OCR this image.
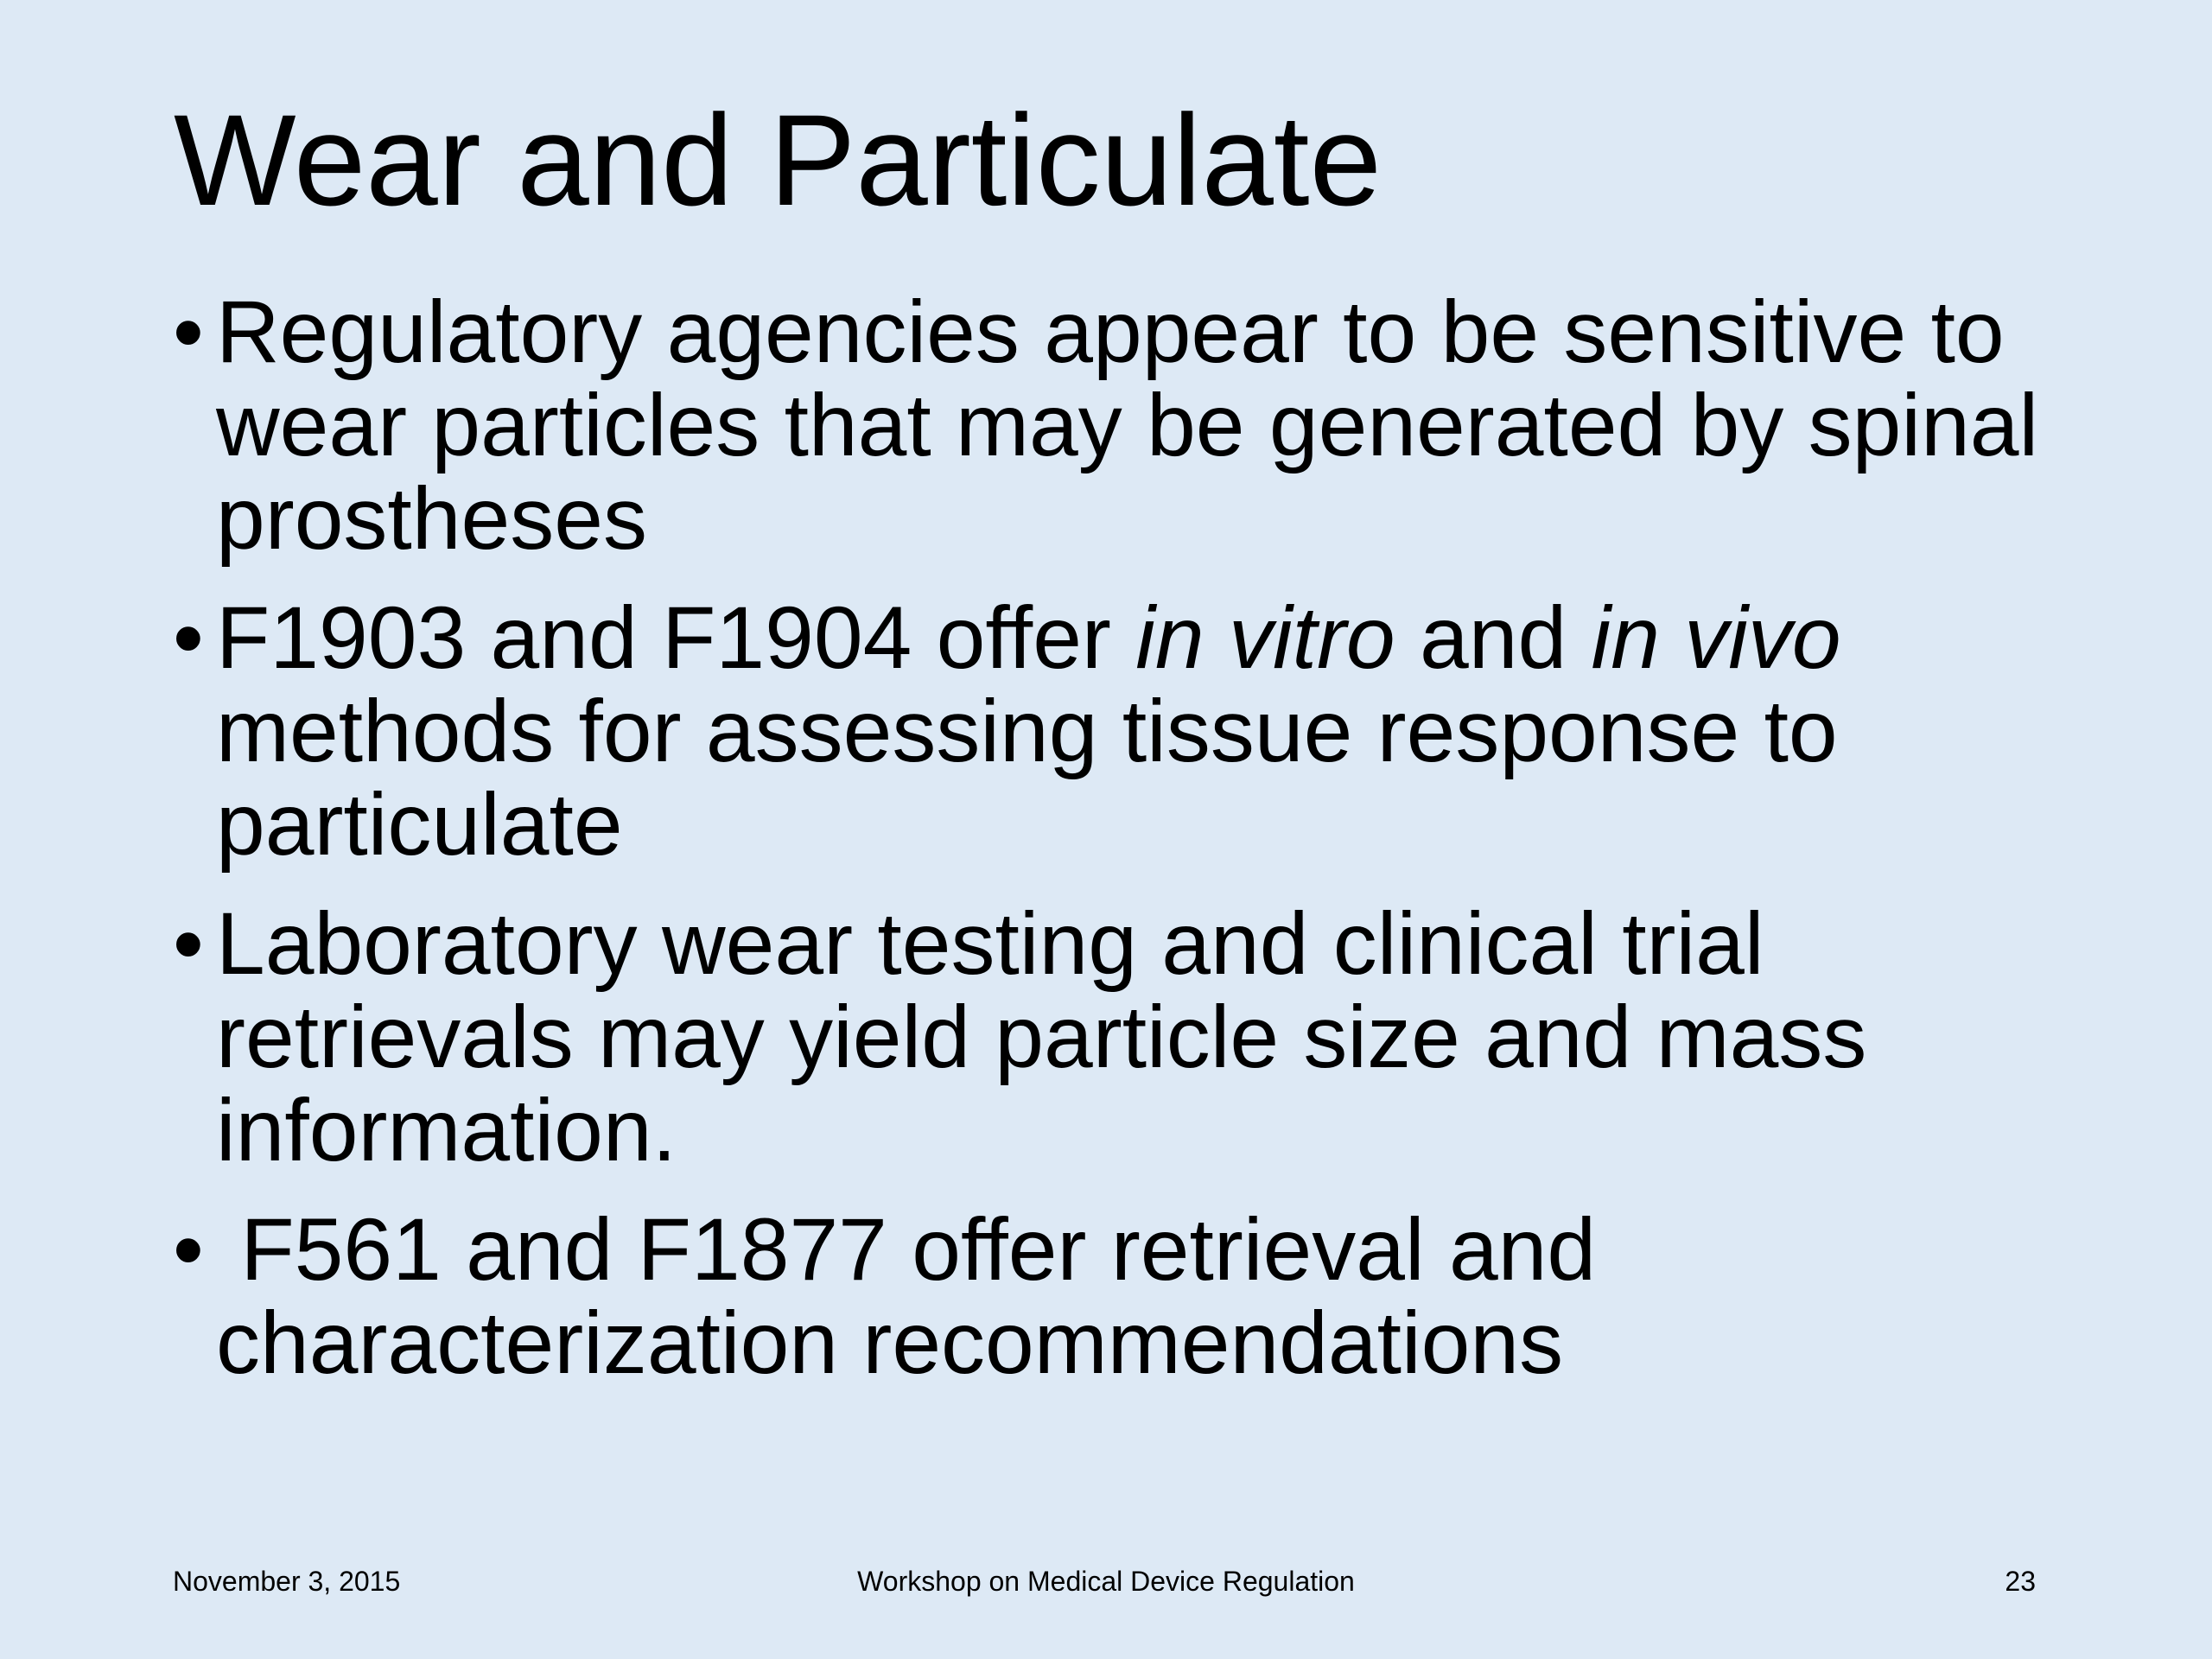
Wear and Particulate
• Regulatory agencies appear to be sensitive to wear particles that may be generated by spinal prostheses
• F1903 and F1904 offer in vitro and in vivo methods for assessing tissue response to particulate
• Laboratory wear testing and clinical trial retrievals may yield particle size and mass information.
• F561 and F1877 offer retrieval and characterization recommendations
November 3, 2015	Workshop on Medical Device Regulation	23
